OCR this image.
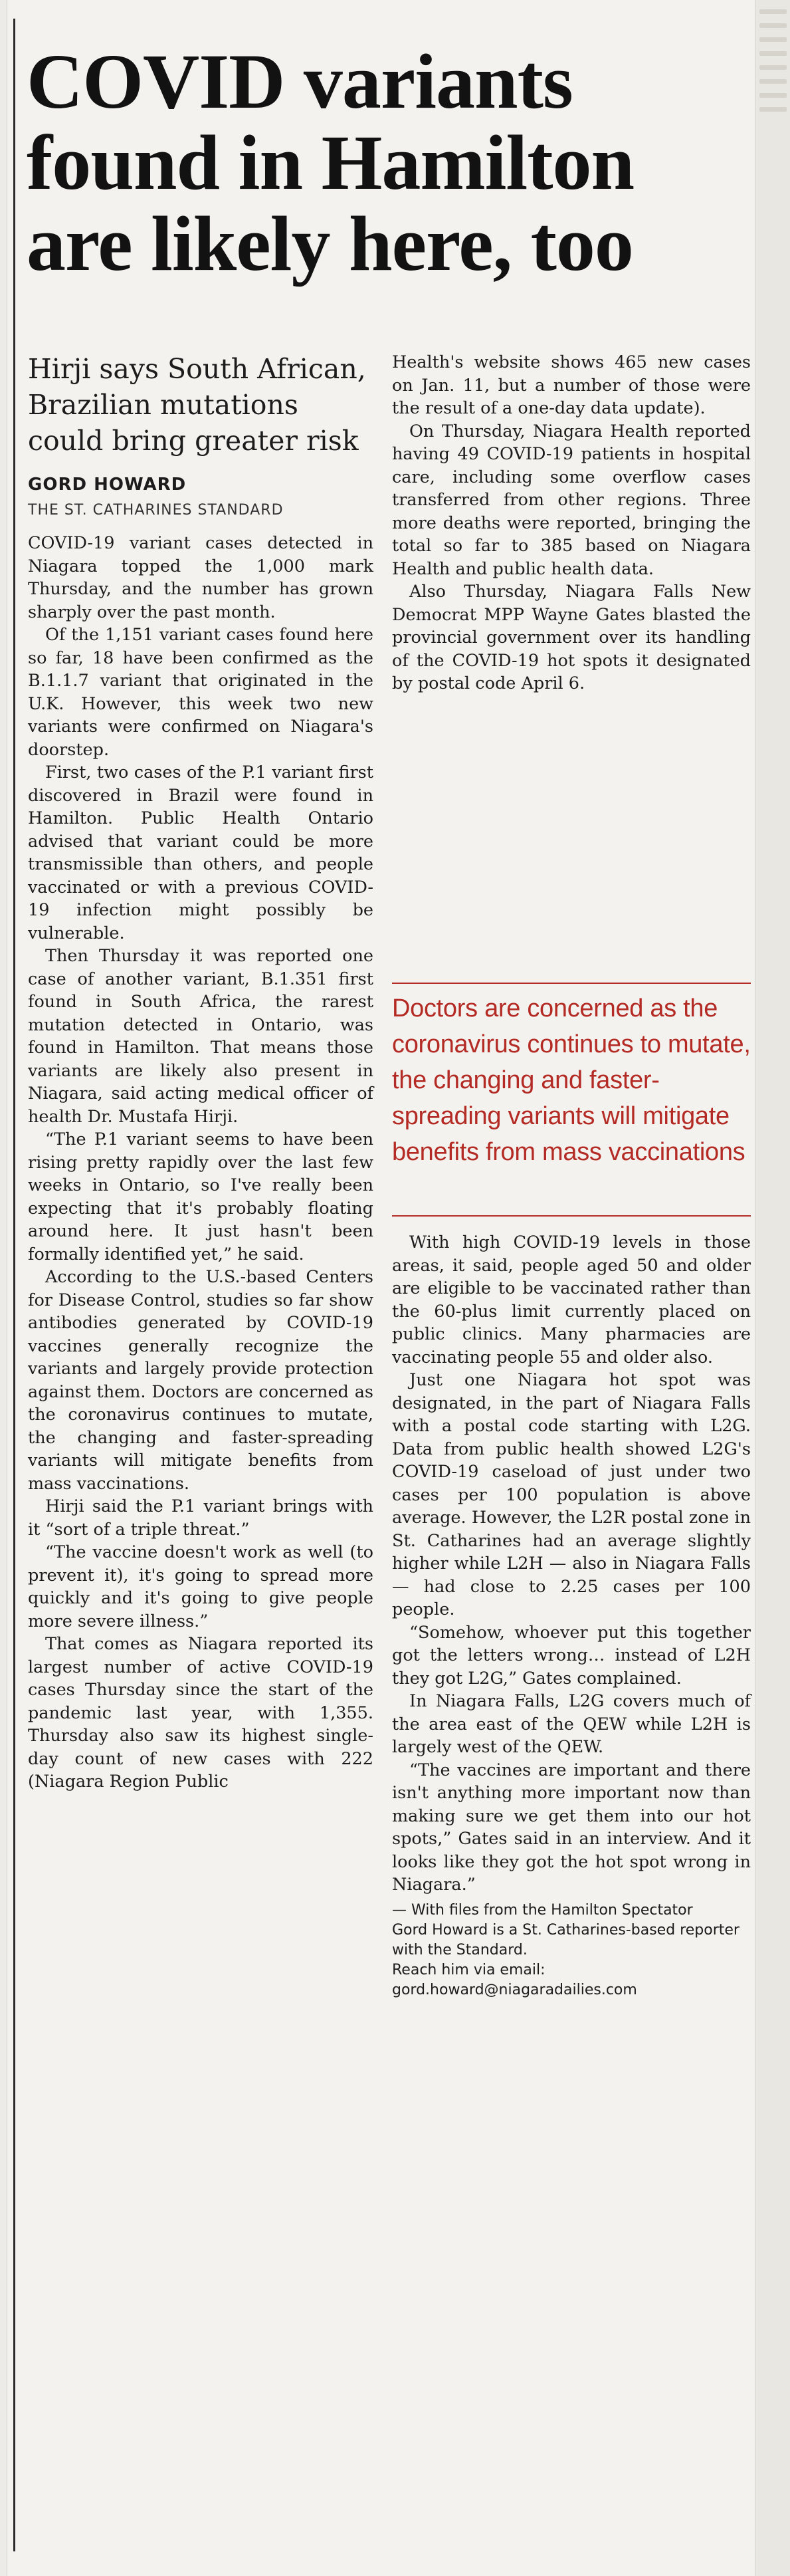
COVID variants found in Hamilton are likely here, too

Hirji says South African, Brazilian mutations could bring greater risk

GORD HOWARD

THE ST. CATHARINES STANDARD

COVID-19 variant cases detected in Niagara topped the 1,000 mark Thursday, and the number has grown sharply over the past month.

Of the 1,151 variant cases found here so far, 18 have been confirmed as the B.1.1.7 variant that originated in the U.K. However, this week two new variants were confirmed on Niagara's doorstep.

First, two cases of the P.1 variant first discovered in Brazil were found in Hamilton. Public Health Ontario advised that variant could be more transmissible than others, and people vaccinated or with a previous COVID-19 infection might possibly be vulnerable.

Then Thursday it was reported one case of another variant, B.1.351 first found in South Africa, the rarest mutation detected in Ontario, was found in Hamilton. That means those variants are likely also present in Niagara, said acting medical officer of health Dr. Mustafa Hirji.

“The P.1 variant seems to have been rising pretty rapidly over the last few weeks in Ontario, so I've really been expecting that it's probably floating around here. It just hasn't been formally identified yet,” he said.

According to the U.S.-based Centers for Disease Control, studies so far show antibodies generated by COVID-19 vaccines generally recognize the variants and largely provide protection against them. Doctors are concerned as the coronavirus continues to mutate, the changing and faster-spreading variants will mitigate benefits from mass vaccinations.

Hirji said the P.1 variant brings with it “sort of a triple threat.”

“The vaccine doesn't work as well (to prevent it), it's going to spread more quickly and it's going to give people more severe illness.”

That comes as Niagara reported its largest number of active COVID-19 cases Thursday since the start of the pandemic last year, with 1,355. Thursday also saw its highest single-day count of new cases with 222 (Niagara Region Public

Health's website shows 465 new cases on Jan. 11, but a number of those were the result of a one-day data update).

On Thursday, Niagara Health reported having 49 COVID-19 patients in hospital care, including some overflow cases transferred from other regions. Three more deaths were reported, bringing the total so far to 385 based on Niagara Health and public health data.

Also Thursday, Niagara Falls New Democrat MPP Wayne Gates blasted the provincial government over its handling of the COVID-19 hot spots it designated by postal code April 6.

Doctors are concerned as the coronavirus continues to mutate, the changing and faster-spreading variants will mitigate benefits from mass vaccinations

With high COVID-19 levels in those areas, it said, people aged 50 and older are eligible to be vaccinated rather than the 60-plus limit currently placed on public clinics. Many pharmacies are vaccinating people 55 and older also.

Just one Niagara hot spot was designated, in the part of Niagara Falls with a postal code starting with L2G. Data from public health showed L2G's COVID-19 caseload of just under two cases per 100 population is above average. However, the L2R postal zone in St. Catharines had an average slightly higher while L2H — also in Niagara Falls — had close to 2.25 cases per 100 people.

“Somehow, whoever put this together got the letters wrong… instead of L2H they got L2G,” Gates complained.

In Niagara Falls, L2G covers much of the area east of the QEW while L2H is largely west of the QEW.

“The vaccines are important and there isn't anything more important now than making sure we get them into our hot spots,” Gates said in an interview. And it looks like they got the hot spot wrong in Niagara.”

— With files from the Hamilton Spectator

Gord Howard is a St. Catharines-based reporter with the Standard.

Reach him via email: gord.howard@niagaradailies.com
